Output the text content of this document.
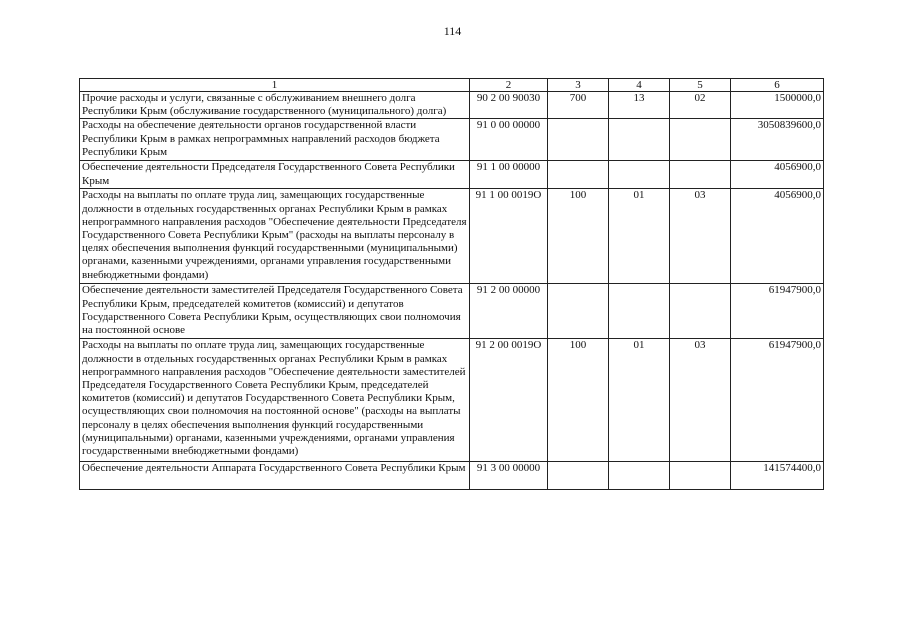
114
1	2	3	4	5	6
Прочие расходы и услуги, связанные с обслуживанием внешнего долга Республики Крым (обслуживание государственного (муниципального) долга)	90 2 00 90030	700	13	02	1500000,0
Расходы на обеспечение деятельности органов государственной власти Республики Крым в рамках непрограммных направлений расходов бюджета Республики Крым	91 0 00 00000				3050839600,0
Обеспечение деятельности Председателя Государственного Совета Республики Крым	91 1 00 00000				4056900,0
Расходы на выплаты по оплате труда лиц, замещающих государственные должности в отдельных государственных органах Республики Крым в рамках непрограммного направления расходов "Обеспечение деятельности Председателя Государственного Совета Республики Крым" (расходы на выплаты персоналу в целях обеспечения выполнения функций государственными (муниципальными) органами, казенными учреждениями, органами управления государственными внебюджетными фондами)	91 1 00 0019О	100	01	03	4056900,0
Обеспечение деятельности заместителей Председателя Государственного Совета Республики Крым, председателей комитетов (комиссий) и депутатов Государственного Совета Республики Крым, осуществляющих свои полномочия на постоянной основе	91 2 00 00000				61947900,0
Расходы на выплаты по оплате труда лиц, замещающих государственные должности в отдельных государственных органах Республики Крым в рамках непрограммного направления расходов "Обеспечение деятельности заместителей Председателя Государственного Совета Республики Крым, председателей комитетов (комиссий) и депутатов Государственного Совета Республики Крым, осуществляющих свои полномочия на постоянной основе" (расходы на выплаты персоналу в целях обеспечения выполнения функций государственными (муниципальными) органами, казенными учреждениями, органами управления государственными внебюджетными фондами)	91 2 00 0019О	100	01	03	61947900,0
Обеспечение деятельности Аппарата Государственного Совета Республики Крым	91 3 00 00000				141574400,0
